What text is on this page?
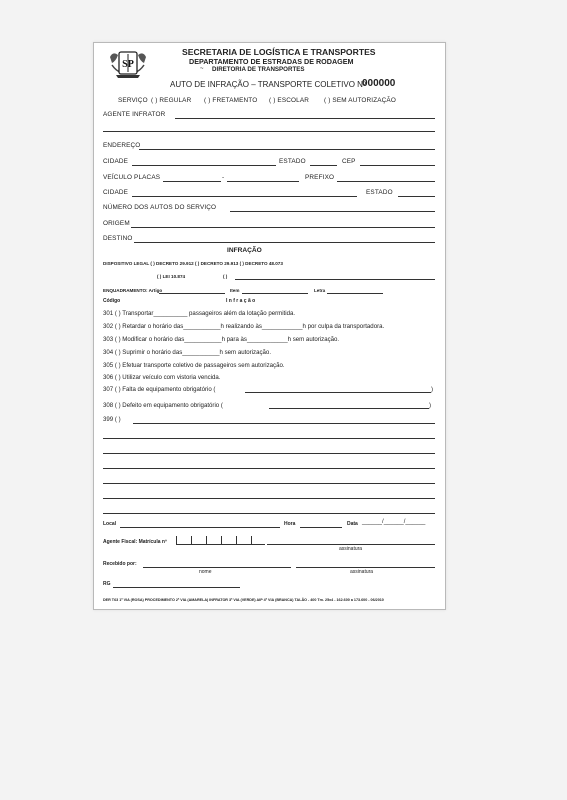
SP
SECRETARIA DE LOGÍSTICA E TRANSPORTES
DEPARTAMENTO DE ESTRADAS DE RODAGEM
DIRETORIA DE TRANSPORTES
~
AUTO DE INFRAÇÃO – TRANSPORTE COLETIVO Nº
000000
SERVIÇO ( ) REGULAR ( ) FRETAMENTO ( ) ESCOLAR ( ) SEM AUTORIZAÇÃO
AGENTE INFRATOR
ENDEREÇO
CIDADE	ESTADO	CEP
VEÍCULO PLACAS	-	PREFIXO
CIDADE	ESTADO
NÚMERO DOS AUTOS DO SERVIÇO
ORIGEM
DESTINO
INFRAÇÃO
DISPOSITIVO LEGAL ( ) DECRETO 29.912 ( ) DECRETO 29.913 ( ) DECRETO 48.073
( ) LEI 10.874	( )
ENQUADRAMENTO: Artigo	Item	Letra
Código	I n f r a ç ã o
301 ( ) Transportar__________ passageiros além da lotação permitida.
302 ( ) Retardar o horário das___________h realizando às____________h por culpa da transportadora.
303 ( ) Modificar o horário das___________h para às____________h sem autorização.
304 ( ) Suprimir o horário das___________h sem autorização.
305 ( ) Efetuar transporte coletivo de passageiros sem autorização.
306 ( ) Utilizar veículo com vistoria vencida.
307 ( ) Falta de equipamento obrigatório (	)
308 ( ) Defeito em equipamento obrigatório (	)
399 ( )
Local	Hora	Data ______/______/______
Agente Fiscal: Matrícula nº
assinatura
Recebido por:
nome	assinatura
RG
DER T63 1ª VIA (ROSA) PROCEDIMENTO 2ª VIA (AMARELA) INFRATOR 3ª VIA (VERDE) AIP 4ª VIA (BRANCA) TALÃO - 400 Tm. 25x4 - 162.600 a 173.600 - 06/2010
